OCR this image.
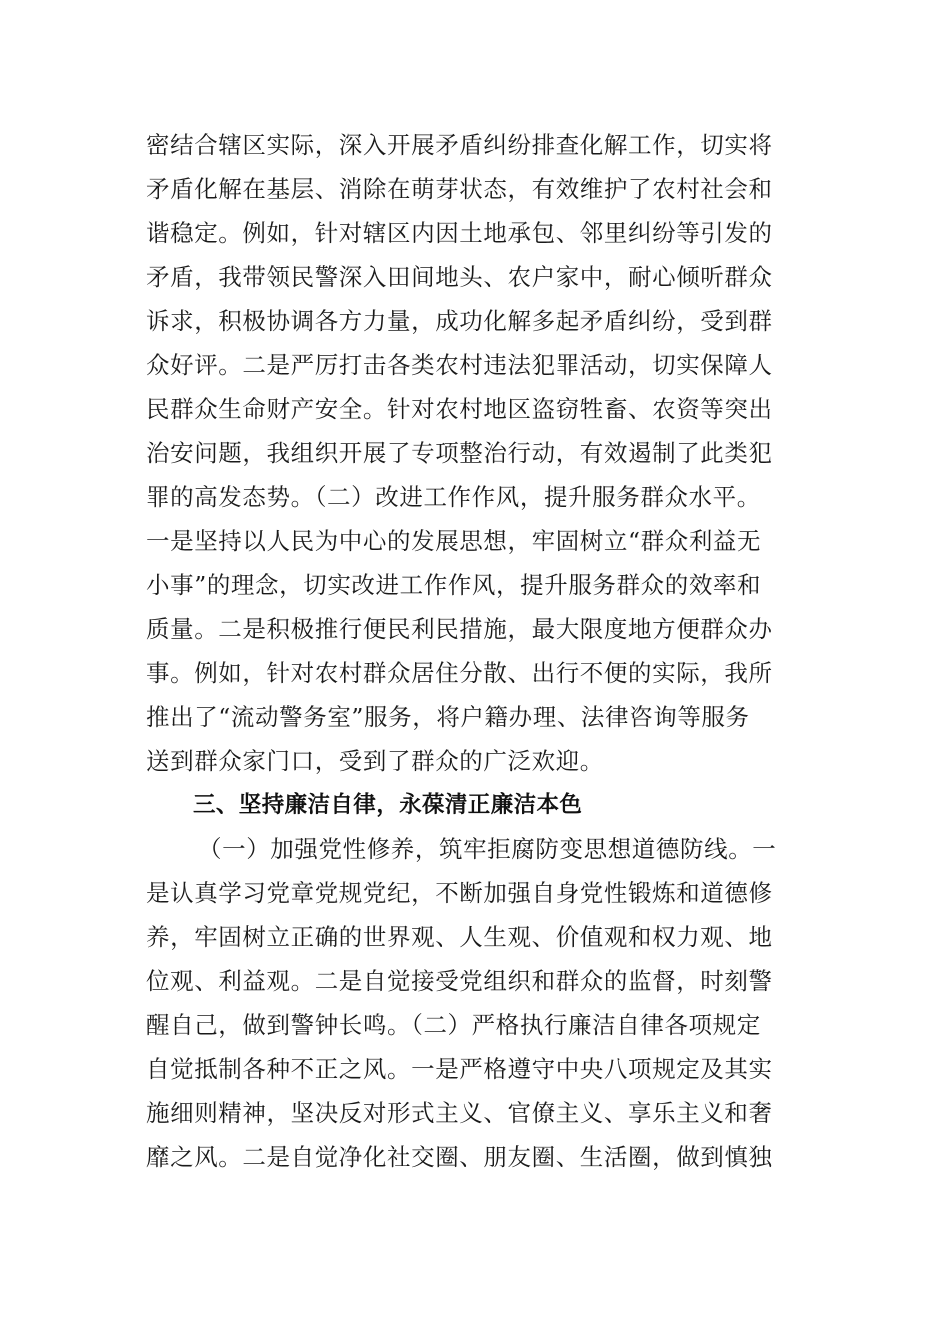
密结合辖区实际，深入开展矛盾纠纷排查化解工作，切实将
矛盾化解在基层、消除在萌芽状态，有效维护了农村社会和
谐稳定。例如，针对辖区内因土地承包、邻里纠纷等引发的
矛盾，我带领民警深入田间地头、农户家中，耐心倾听群众
诉求，积极协调各方力量，成功化解多起矛盾纠纷，受到群
众好评。二是严厉打击各类农村违法犯罪活动，切实保障人
民群众生命财产安全。针对农村地区盗窃牲畜、农资等突出
治安问题，我组织开展了专项整治行动，有效遏制了此类犯
罪的高发态势。（二）改进工作作风，提升服务群众水平。
一是坚持以人民为中心的发展思想，牢固树立“群众利益无
小事”的理念，切实改进工作作风，提升服务群众的效率和
质量。二是积极推行便民利民措施，最大限度地方便群众办
事。例如，针对农村群众居住分散、出行不便的实际，我所
推出了“流动警务室”服务，将户籍办理、法律咨询等服务
送到群众家门口，受到了群众的广泛欢迎。
三、坚持廉洁自律，永葆清正廉洁本色
（一）加强党性修养，筑牢拒腐防变思想道德防线。一
是认真学习党章党规党纪，不断加强自身党性锻炼和道德修
养，牢固树立正确的世界观、人生观、价值观和权力观、地
位观、利益观。二是自觉接受党组织和群众的监督，时刻警
醒自己，做到警钟长鸣。（二）严格执行廉洁自律各项规定
自觉抵制各种不正之风。一是严格遵守中央八项规定及其实
施细则精神，坚决反对形式主义、官僚主义、享乐主义和奢
靡之风。二是自觉净化社交圈、朋友圈、生活圈，做到慎独
